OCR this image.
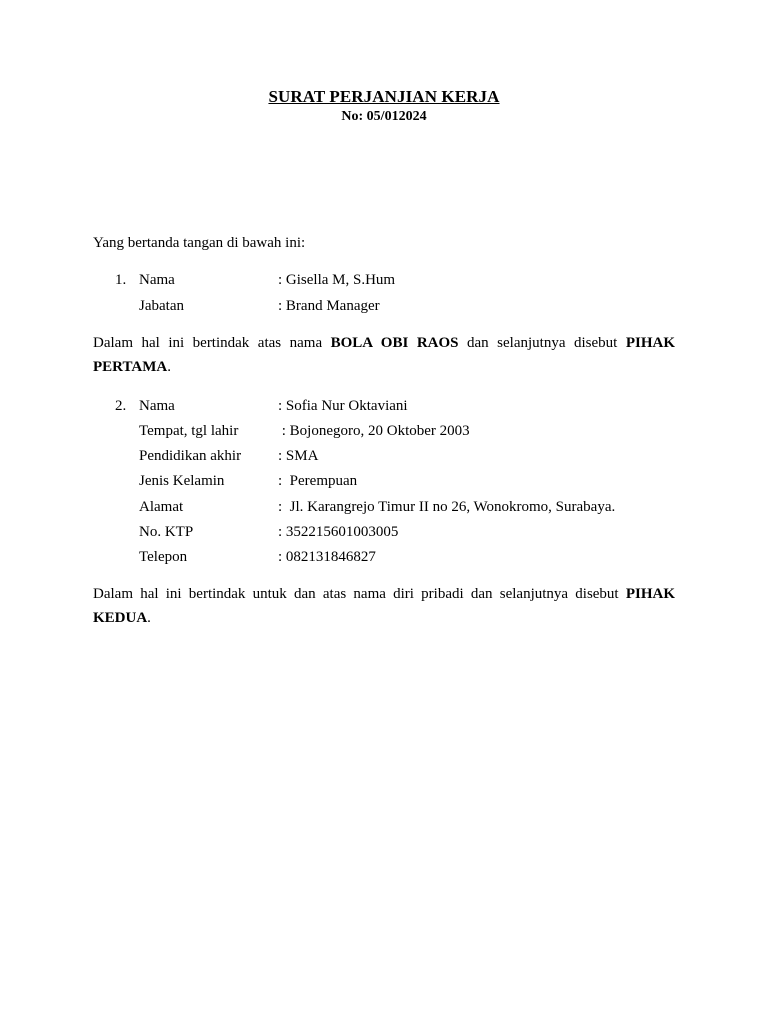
SURAT PERJANJIAN KERJA
No: 05/012024
Yang bertanda tangan di bawah ini:
1. Nama	: Gisella M, S.Hum
Jabatan	: Brand Manager
Dalam hal ini bertindak atas nama BOLA OBI RAOS dan selanjutnya disebut PIHAK PERTAMA.
2. Nama	: Sofia Nur Oktaviani
Tempat, tgl lahir	: Bojonegoro, 20 Oktober 2003
Pendidikan akhir : SMA
Jenis Kelamin	:  Perempuan
Alamat	:  Jl. Karangrejo Timur II no 26, Wonokromo, Surabaya.
No. KTP	: 352215601003005
Telepon	: 082131846827
Dalam hal ini bertindak untuk dan atas nama diri pribadi dan selanjutnya disebut PIHAK KEDUA.
